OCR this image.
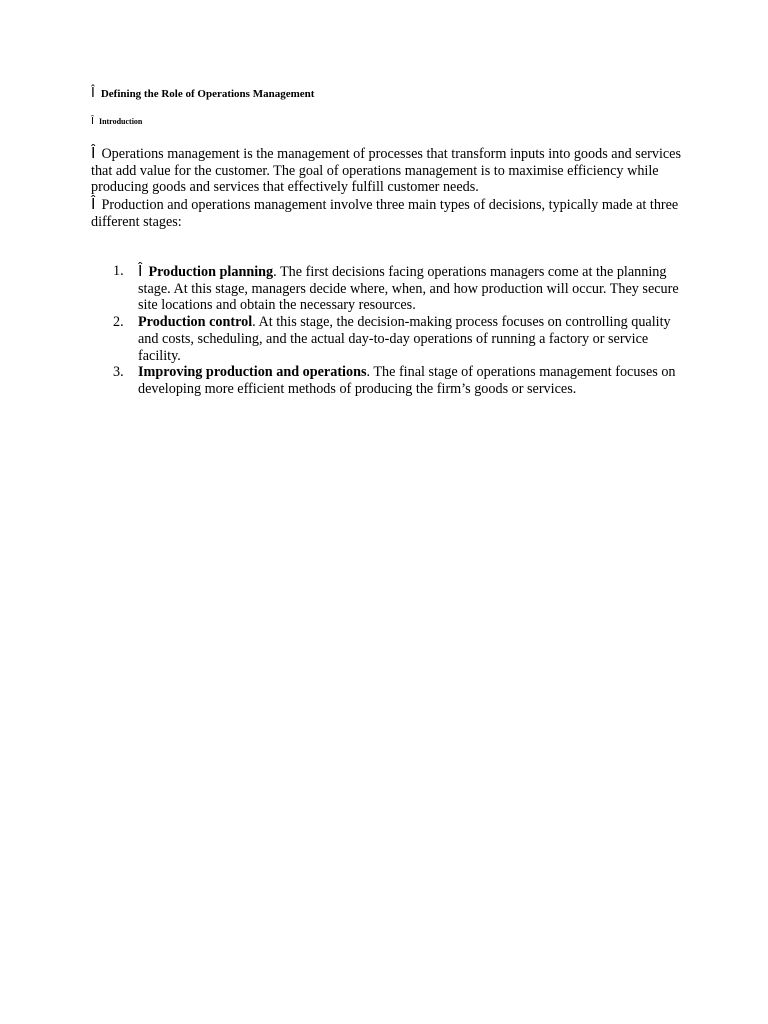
Î Defining the Role of Operations Management
Î Introduction
Î Operations management is the management of processes that transform inputs into goods and services that add value for the customer. The goal of operations management is to maximise efficiency while producing goods and services that effectively fulfill customer needs.
Î Production and operations management involve three main types of decisions, typically made at three different stages:
1. Î Production planning. The first decisions facing operations managers come at the planning stage. At this stage, managers decide where, when, and how production will occur. They secure site locations and obtain the necessary resources.
2. Production control. At this stage, the decision-making process focuses on controlling quality and costs, scheduling, and the actual day-to-day operations of running a factory or service facility.
3. Improving production and operations. The final stage of operations management focuses on developing more efficient methods of producing the firm’s goods or services.
